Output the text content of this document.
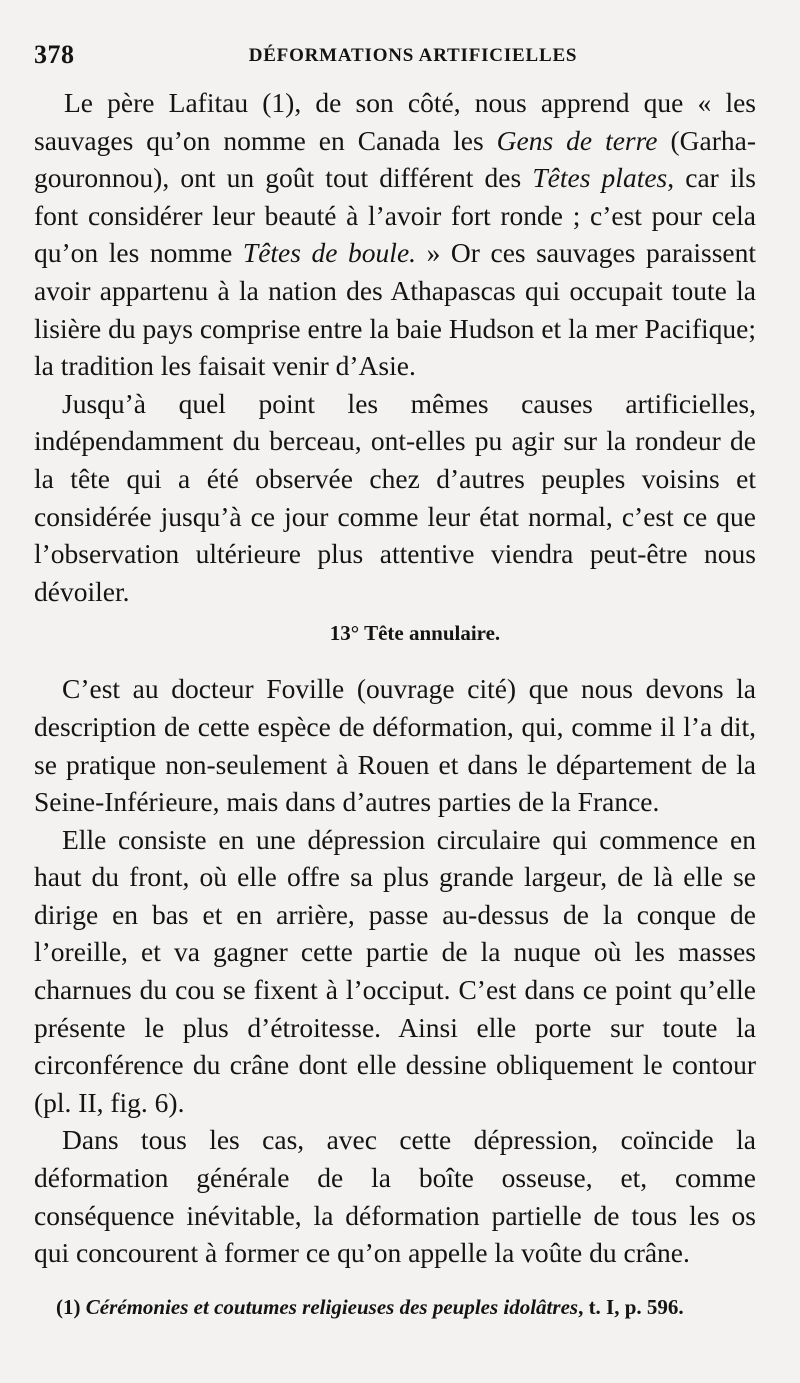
378	DÉFORMATIONS ARTIFICIELLES

Le père Lafitau (1), de son côté, nous apprend que « les sauvages qu’on nomme en Canada les Gens de terre (Garha-gouronnou), ont un goût tout différent des Têtes plates, car ils font considérer leur beauté à l’avoir fort ronde ; c’est pour cela qu’on les nomme Têtes de boule. » Or ces sauvages paraissent avoir appartenu à la nation des Athapascas qui occupait toute la lisière du pays comprise entre la baie Hudson et la mer Pacifique; la tradition les faisait venir d’Asie.

Jusqu’à quel point les mêmes causes artificielles, indépendamment du berceau, ont-elles pu agir sur la rondeur de la tête qui a été observée chez d’autres peuples voisins et considérée jusqu’à ce jour comme leur état normal, c’est ce que l’observation ultérieure plus attentive viendra peut-être nous dévoiler.

13° Tête annulaire.

C’est au docteur Foville (ouvrage cité) que nous devons la description de cette espèce de déformation, qui, comme il l’a dit, se pratique non-seulement à Rouen et dans le département de la Seine-Inférieure, mais dans d’autres parties de la France.

Elle consiste en une dépression circulaire qui commence en haut du front, où elle offre sa plus grande largeur, de là elle se dirige en bas et en arrière, passe au-dessus de la conque de l’oreille, et va gagner cette partie de la nuque où les masses charnues du cou se fixent à l’occiput. C’est dans ce point qu’elle présente le plus d’étroitesse. Ainsi elle porte sur toute la circonférence du crâne dont elle dessine obliquement le contour (pl. II, fig. 6).

Dans tous les cas, avec cette dépression, coïncide la déformation générale de la boîte osseuse, et, comme conséquence inévitable, la déformation partielle de tous les os qui concourent à former ce qu’on appelle la voûte du crâne.

(1) Cérémonies et coutumes religieuses des peuples idolâtres, t. I, p. 596.
